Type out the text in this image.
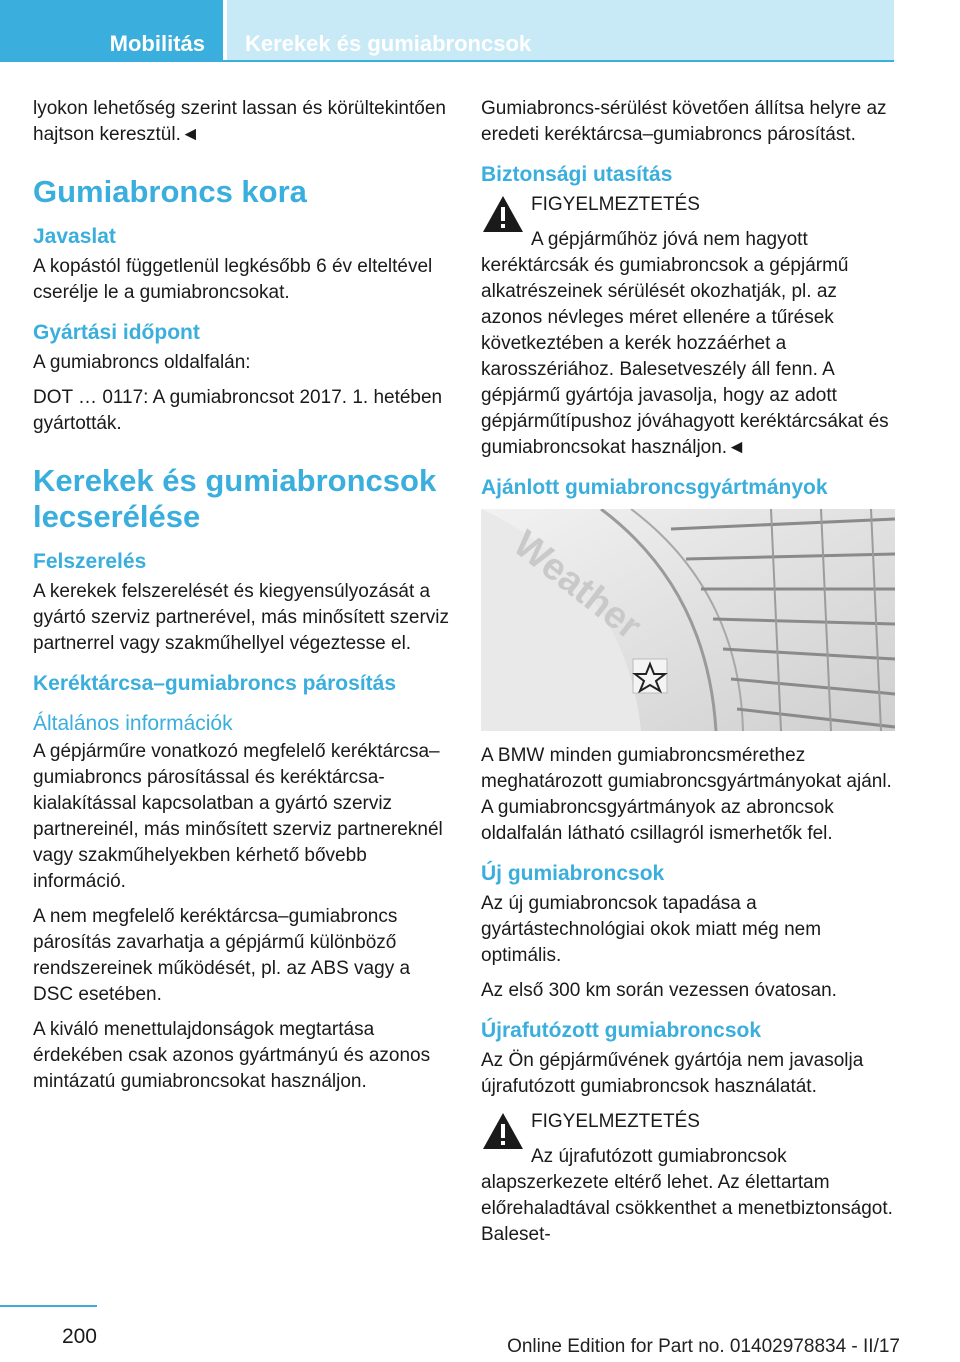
Mobilitás	Kerekek és gumiabroncsok

lyokon lehetőség szerint lassan és körültekintően hajtson keresztül.◄

Gumiabroncs kora
Javaslat

A kopástól függetlenül legkésőbb 6 év elteltével cserélje le a gumiabroncsokat.

Gyártási időpont

A gumiabroncs oldalfalán:

DOT … 0117: A gumiabroncsot 2017. 1. hetében gyártották.

Kerekek és gumiabroncsok lecserélése
Felszerelés

A kerekek felszerelését és kiegyensúlyozását a gyártó szerviz partnerével, más minősített szerviz partnerrel vagy szakműhellyel végeztesse el.

Keréktárcsa–gumiabroncs párosítás
Általános információk

A gépjárműre vonatkozó megfelelő keréktárcsa–gumiabroncs párosítással és keréktárcsa-kialakítással kapcsolatban a gyártó szerviz partnereinél, más minősített szerviz partnereknél vagy szakműhelyekben kérhető bővebb információ.

A nem megfelelő keréktárcsa–gumiabroncs párosítás zavarhatja a gépjármű különböző rendszereinek működését, pl. az ABS vagy a DSC esetében.

A kiváló menettulajdonságok megtartása érdekében csak azonos gyártmányú és azonos mintázatú gumiabroncsokat használjon.

Gumiabroncs-sérülést követően állítsa helyre az eredeti keréktárcsa–gumiabroncs párosítást.

Biztonsági utasítás

FIGYELMEZTETÉS

A gépjárműhöz jóvá nem hagyott keréktárcsák és gumiabroncsok a gépjármű alkatrészeinek sérülését okozhatják, pl. az azonos névleges méret ellenére a tűrések következtében a kerék hozzáérhet a karosszériához. Balesetveszély áll fenn. A gépjármű gyártója javasolja, hogy az adott gépjárműtípushoz jóváhagyott keréktárcsákat és gumiabroncsokat használjon.◄

Ajánlott gumiabroncsgyártmányok
Weather

A BMW minden gumiabroncsmérethez meghatározott gumiabroncsgyártmányokat ajánl. A gumiabroncsgyártmányok az abroncsok oldalfalán látható csillagról ismerhetők fel.

Új gumiabroncsok

Az új gumiabroncsok tapadása a gyártástechnológiai okok miatt még nem optimális.

Az első 300 km során vezessen óvatosan.

Újrafutózott gumiabroncsok

Az Ön gépjárművének gyártója nem javasolja újrafutózott gumiabroncsok használatát.

FIGYELMEZTETÉS

Az újrafutózott gumiabroncsok alapszerkezete eltérő lehet. Az élettartam előrehaladtával csökkenthet a menetbiztonságot. Baleset-

200	Online Edition for Part no. 01402978834 - II/17
